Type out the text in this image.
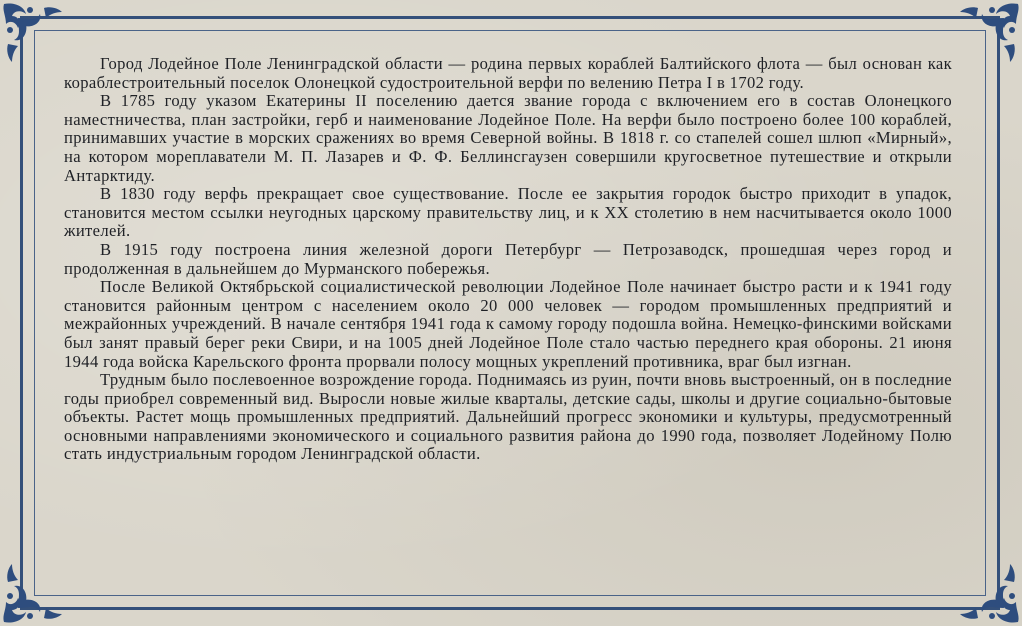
Город Лодейное Поле Ленинградской области — родина первых кораблей Балтийского флота — был основан как кораблестроительный поселок Олонецкой судостроительной верфи по велению Петра I в 1702 году.

В 1785 году указом Екатерины II поселению дается звание города с включением его в состав Олонецкого наместничества, план застройки, герб и наименование Лодейное Поле. На верфи было построено более 100 кораблей, принимавших участие в морских сражениях во время Северной войны. В 1818 г. со стапелей сошел шлюп «Мирный», на котором мореплаватели М. П. Лазарев и Ф. Ф. Беллинсгаузен совершили кругосветное путешествие и открыли Антарктиду.

В 1830 году верфь прекращает свое существование. После ее закрытия городок быстро приходит в упадок, становится местом ссылки неугодных царскому правительству лиц, и к XX столетию в нем насчитывается около 1000 жителей.

В 1915 году построена линия железной дороги Петербург — Петрозаводск, прошедшая через город и продолженная в дальнейшем до Мурманского побережья.

После Великой Октябрьской социалистической революции Лодейное Поле начинает быстро расти и к 1941 году становится районным центром с населением около 20 000 человек — городом промышленных предприятий и межрайонных учреждений. В начале сентября 1941 года к самому городу подошла война. Немецко-финскими войсками был занят правый берег реки Свири, и на 1005 дней Лодейное Поле стало частью переднего края обороны. 21 июня 1944 года войска Карельского фронта прорвали полосу мощных укреплений противника, враг был изгнан.

Трудным было послевоенное возрождение города. Поднимаясь из руин, почти вновь выстроенный, он в последние годы приобрел современный вид. Выросли новые жилые кварталы, детские сады, школы и другие социально-бытовые объекты. Растет мощь промышленных предприятий. Дальнейший прогресс экономики и культуры, предусмотренный основными направлениями экономического и социального развития района до 1990 года, позволяет Лодейному Полю стать индустриальным городом Ленинградской области.
